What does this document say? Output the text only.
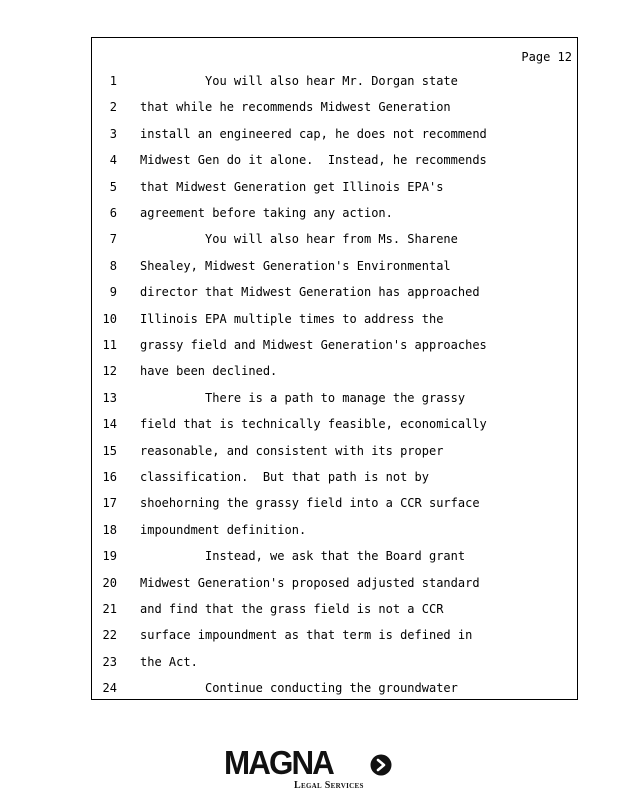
Page 12
1 You will also hear Mr. Dorgan state
2 that while he recommends Midwest Generation
3 install an engineered cap, he does not recommend
4 Midwest Gen do it alone.  Instead, he recommends
5 that Midwest Generation get Illinois EPA's
6 agreement before taking any action.
7 You will also hear from Ms. Sharene
8 Shealey, Midwest Generation's Environmental
9 director that Midwest Generation has approached
10 Illinois EPA multiple times to address the
11 grassy field and Midwest Generation's approaches
12 have been declined.
13 There is a path to manage the grassy
14 field that is technically feasible, economically
15 reasonable, and consistent with its proper
16 classification.  But that path is not by
17 shoehorning the grassy field into a CCR surface
18 impoundment definition.
19 Instead, we ask that the Board grant
20 Midwest Generation's proposed adjusted standard
21 and find that the grass field is not a CCR
22 surface impoundment as that term is defined in
23 the Act.
24 Continue conducting the groundwater
MAGNA
Legal Services
